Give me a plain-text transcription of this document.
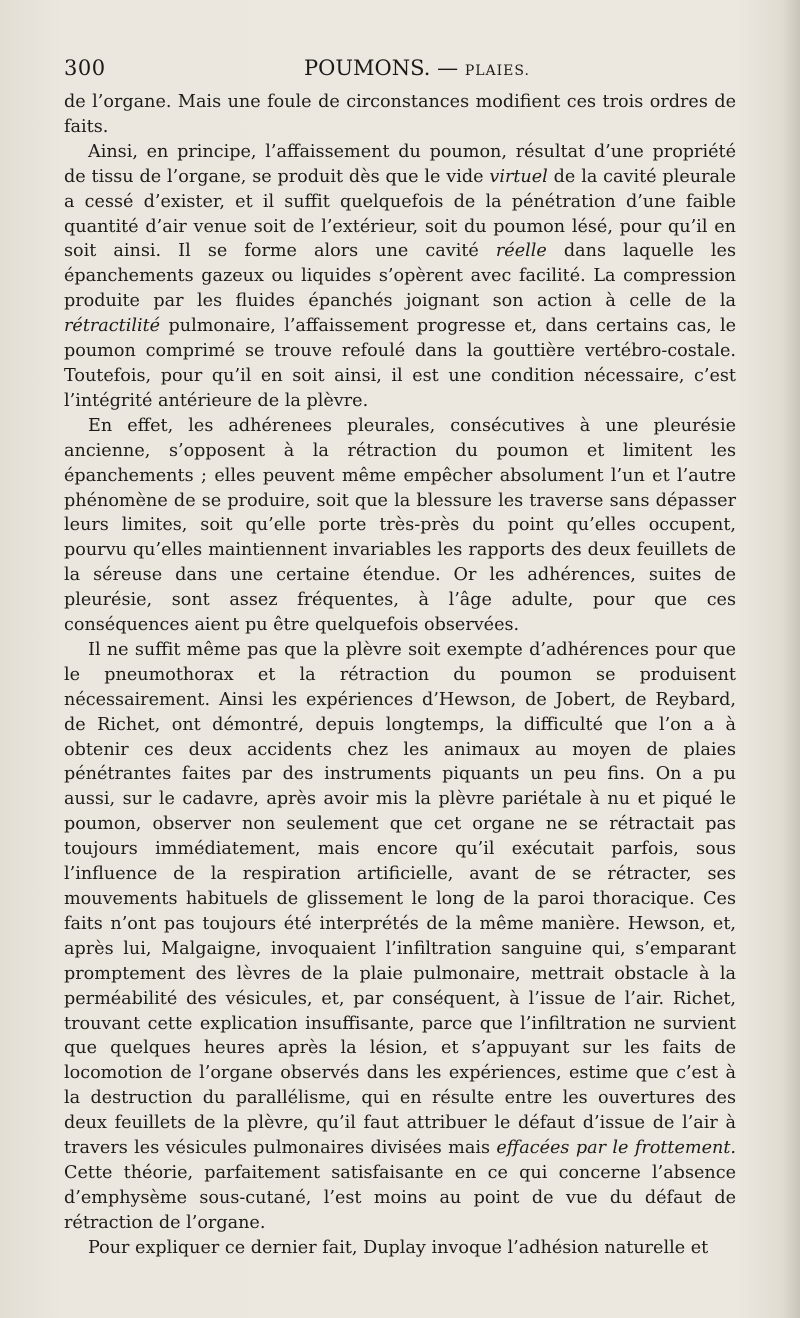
300	POUMONS. — PLAIES.

de l’organe. Mais une foule de circonstances modifient ces trois ordres de faits.

Ainsi, en principe, l’affaissement du poumon, résultat d’une propriété de tissu de l’organe, se produit dès que le vide virtuel de la cavité pleurale a cessé d’exister, et il suffit quelquefois de la pénétration d’une faible quantité d’air venue soit de l’extérieur, soit du poumon lésé, pour qu’il en soit ainsi. Il se forme alors une cavité réelle dans laquelle les épanchements gazeux ou liquides s’opèrent avec facilité. La compression produite par les fluides épanchés joignant son action à celle de la rétractilité pulmonaire, l’affaissement progresse et, dans certains cas, le poumon comprimé se trouve refoulé dans la gouttière vertébro-costale. Toutefois, pour qu’il en soit ainsi, il est une condition nécessaire, c’est l’intégrité antérieure de la plèvre.

En effet, les adhérenees pleurales, consécutives à une pleurésie ancienne, s’opposent à la rétraction du poumon et limitent les épanchements ; elles peuvent même empêcher absolument l’un et l’autre phénomène de se produire, soit que la blessure les traverse sans dépasser leurs limites, soit qu’elle porte très-près du point qu’elles occupent, pourvu qu’elles maintiennent invariables les rapports des deux feuillets de la séreuse dans une certaine étendue. Or les adhérences, suites de pleurésie, sont assez fréquentes, à l’âge adulte, pour que ces conséquences aient pu être quelquefois observées.

Il ne suffit même pas que la plèvre soit exempte d’adhérences pour que le pneumothorax et la rétraction du poumon se produisent nécessairement. Ainsi les expériences d’Hewson, de Jobert, de Reybard, de Richet, ont démontré, depuis longtemps, la difficulté que l’on a à obtenir ces deux accidents chez les animaux au moyen de plaies pénétrantes faites par des instruments piquants un peu fins. On a pu aussi, sur le cadavre, après avoir mis la plèvre pariétale à nu et piqué le poumon, observer non seulement que cet organe ne se rétractait pas toujours immédiatement, mais encore qu’il exécutait parfois, sous l’influence de la respiration artificielle, avant de se rétracter, ses mouvements habituels de glissement le long de la paroi thoracique. Ces faits n’ont pas toujours été interprétés de la même manière. Hewson, et, après lui, Malgaigne, invoquaient l’infiltration sanguine qui, s’emparant promptement des lèvres de la plaie pulmonaire, mettrait obstacle à la perméabilité des vésicules, et, par conséquent, à l’issue de l’air. Richet, trouvant cette explication insuffisante, parce que l’infiltration ne survient que quelques heures après la lésion, et s’appuyant sur les faits de locomotion de l’organe observés dans les expériences, estime que c’est à la destruction du parallélisme, qui en résulte entre les ouvertures des deux feuillets de la plèvre, qu’il faut attribuer le défaut d’issue de l’air à travers les vésicules pulmonaires divisées mais effacées par le frottement. Cette théorie, parfaitement satisfaisante en ce qui concerne l’absence d’emphysème sous-cutané, l’est moins au point de vue du défaut de rétraction de l’organe.

Pour expliquer ce dernier fait, Duplay invoque l’adhésion naturelle et
